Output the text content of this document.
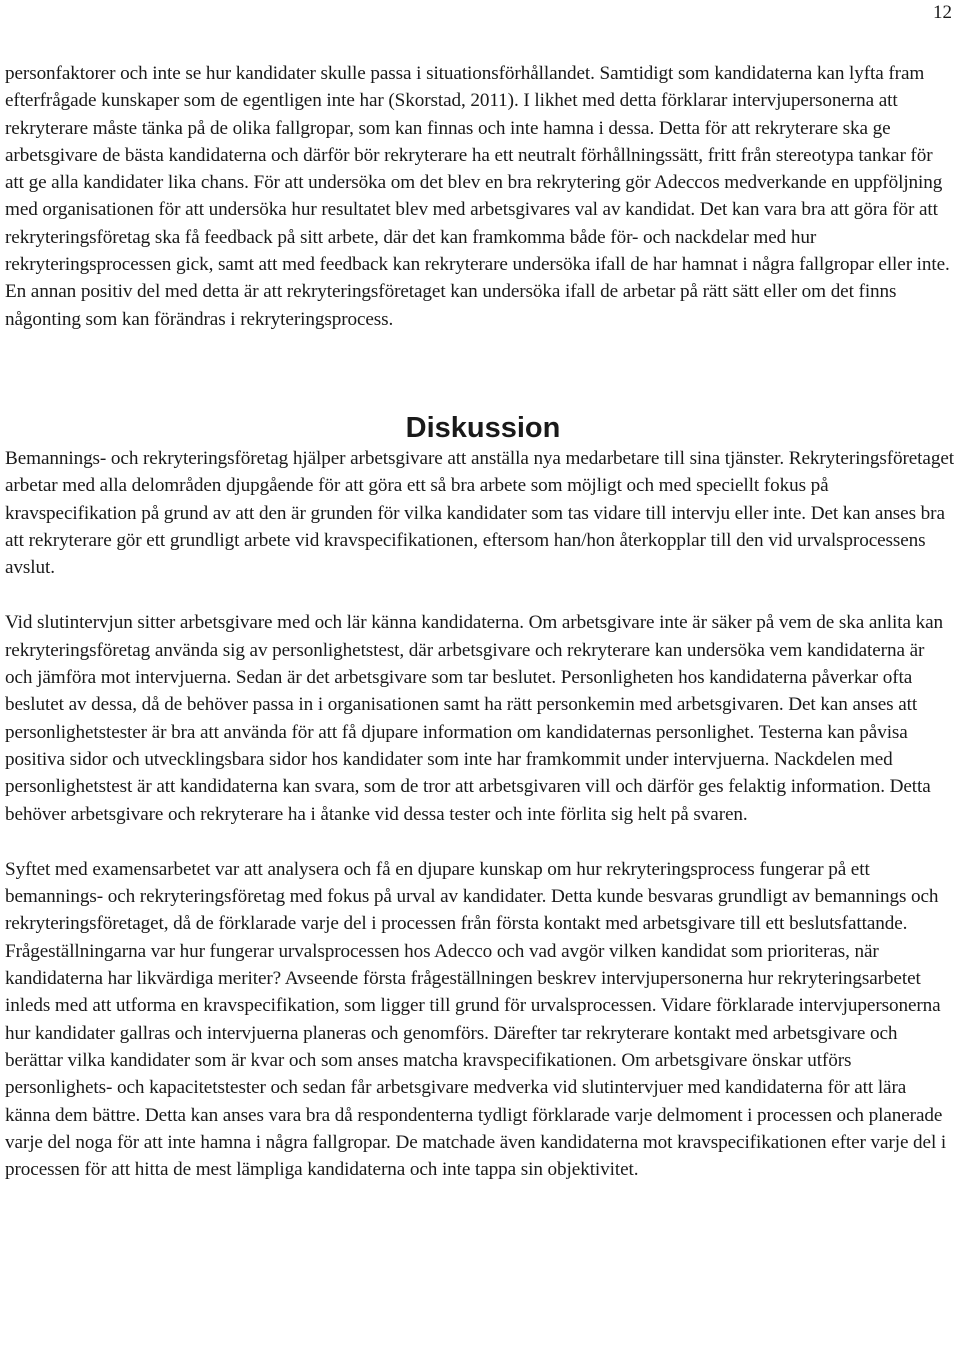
12

personfaktorer och inte se hur kandidater skulle passa i situationsförhållandet. Samtidigt som kandidaterna kan lyfta fram efterfrågade kunskaper som de egentligen inte har (Skorstad, 2011). I likhet med detta förklarar intervjupersonerna att rekryterare måste tänka på de olika fallgropar, som kan finnas och inte hamna i dessa. Detta för att rekryterare ska ge arbetsgivare de bästa kandidaterna och därför bör rekryterare ha ett neutralt förhållningssätt, fritt från stereotypa tankar för att ge alla kandidater lika chans. För att undersöka om det blev en bra rekrytering gör Adeccos medverkande en uppföljning med organisationen för att undersöka hur resultatet blev med arbetsgivares val av kandidat. Det kan vara bra att göra för att rekryteringsföretag ska få feedback på sitt arbete, där det kan framkomma både för- och nackdelar med hur rekryteringsprocessen gick, samt att med feedback kan rekryterare undersöka ifall de har hamnat i några fallgropar eller inte. En annan positiv del med detta är att rekryteringsföretaget kan undersöka ifall de arbetar på rätt sätt eller om det finns någonting som kan förändras i rekryteringsprocess.

Diskussion

Bemannings- och rekryteringsföretag hjälper arbetsgivare att anställa nya medarbetare till sina tjänster. Rekryteringsföretaget arbetar med alla delområden djupgående för att göra ett så bra arbete som möjligt och med speciellt fokus på kravspecifikation på grund av att den är grunden för vilka kandidater som tas vidare till intervju eller inte. Det kan anses bra att rekryterare gör ett grundligt arbete vid kravspecifikationen, eftersom han/hon återkopplar till den vid urvalsprocessens avslut.

Vid slutintervjun sitter arbetsgivare med och lär känna kandidaterna. Om arbetsgivare inte är säker på vem de ska anlita kan rekryteringsföretag använda sig av personlighetstest, där arbetsgivare och rekryterare kan undersöka vem kandidaterna är och jämföra mot intervjuerna. Sedan är det arbetsgivare som tar beslutet. Personligheten hos kandidaterna påverkar ofta beslutet av dessa, då de behöver passa in i organisationen samt ha rätt personkemin med arbetsgivaren. Det kan anses att personlighetstester är bra att använda för att få djupare information om kandidaternas personlighet. Testerna kan påvisa positiva sidor och utvecklingsbara sidor hos kandidater som inte har framkommit under intervjuerna. Nackdelen med personlighetstest är att kandidaterna kan svara, som de tror att arbetsgivaren vill och därför ges felaktig information. Detta behöver arbetsgivare och rekryterare ha i åtanke vid dessa tester och inte förlita sig helt på svaren.

Syftet med examensarbetet var att analysera och få en djupare kunskap om hur rekryteringsprocess fungerar på ett bemannings- och rekryteringsföretag med fokus på urval av kandidater. Detta kunde besvaras grundligt av bemannings och rekryteringsföretaget, då de förklarade varje del i processen från första kontakt med arbetsgivare till ett beslutsfattande. Frågeställningarna var hur fungerar urvalsprocessen hos Adecco och vad avgör vilken kandidat som prioriteras, när kandidaterna har likvärdiga meriter? Avseende första frågeställningen beskrev intervjupersonerna hur rekryteringsarbetet inleds med att utforma en kravspecifikation, som ligger till grund för urvalsprocessen. Vidare förklarade intervjupersonerna hur kandidater gallras och intervjuerna planeras och genomförs. Därefter tar rekryterare kontakt med arbetsgivare och berättar vilka kandidater som är kvar och som anses matcha kravspecifikationen. Om arbetsgivare önskar utförs personlighets- och kapacitetstester och sedan får arbetsgivare medverka vid slutintervjuer med kandidaterna för att lära känna dem bättre. Detta kan anses vara bra då respondenterna tydligt förklarade varje delmoment i processen och planerade varje del noga för att inte hamna i några fallgropar. De matchade även kandidaterna mot kravspecifikationen efter varje del i processen för att hitta de mest lämpliga kandidaterna och inte tappa sin objektivitet.
